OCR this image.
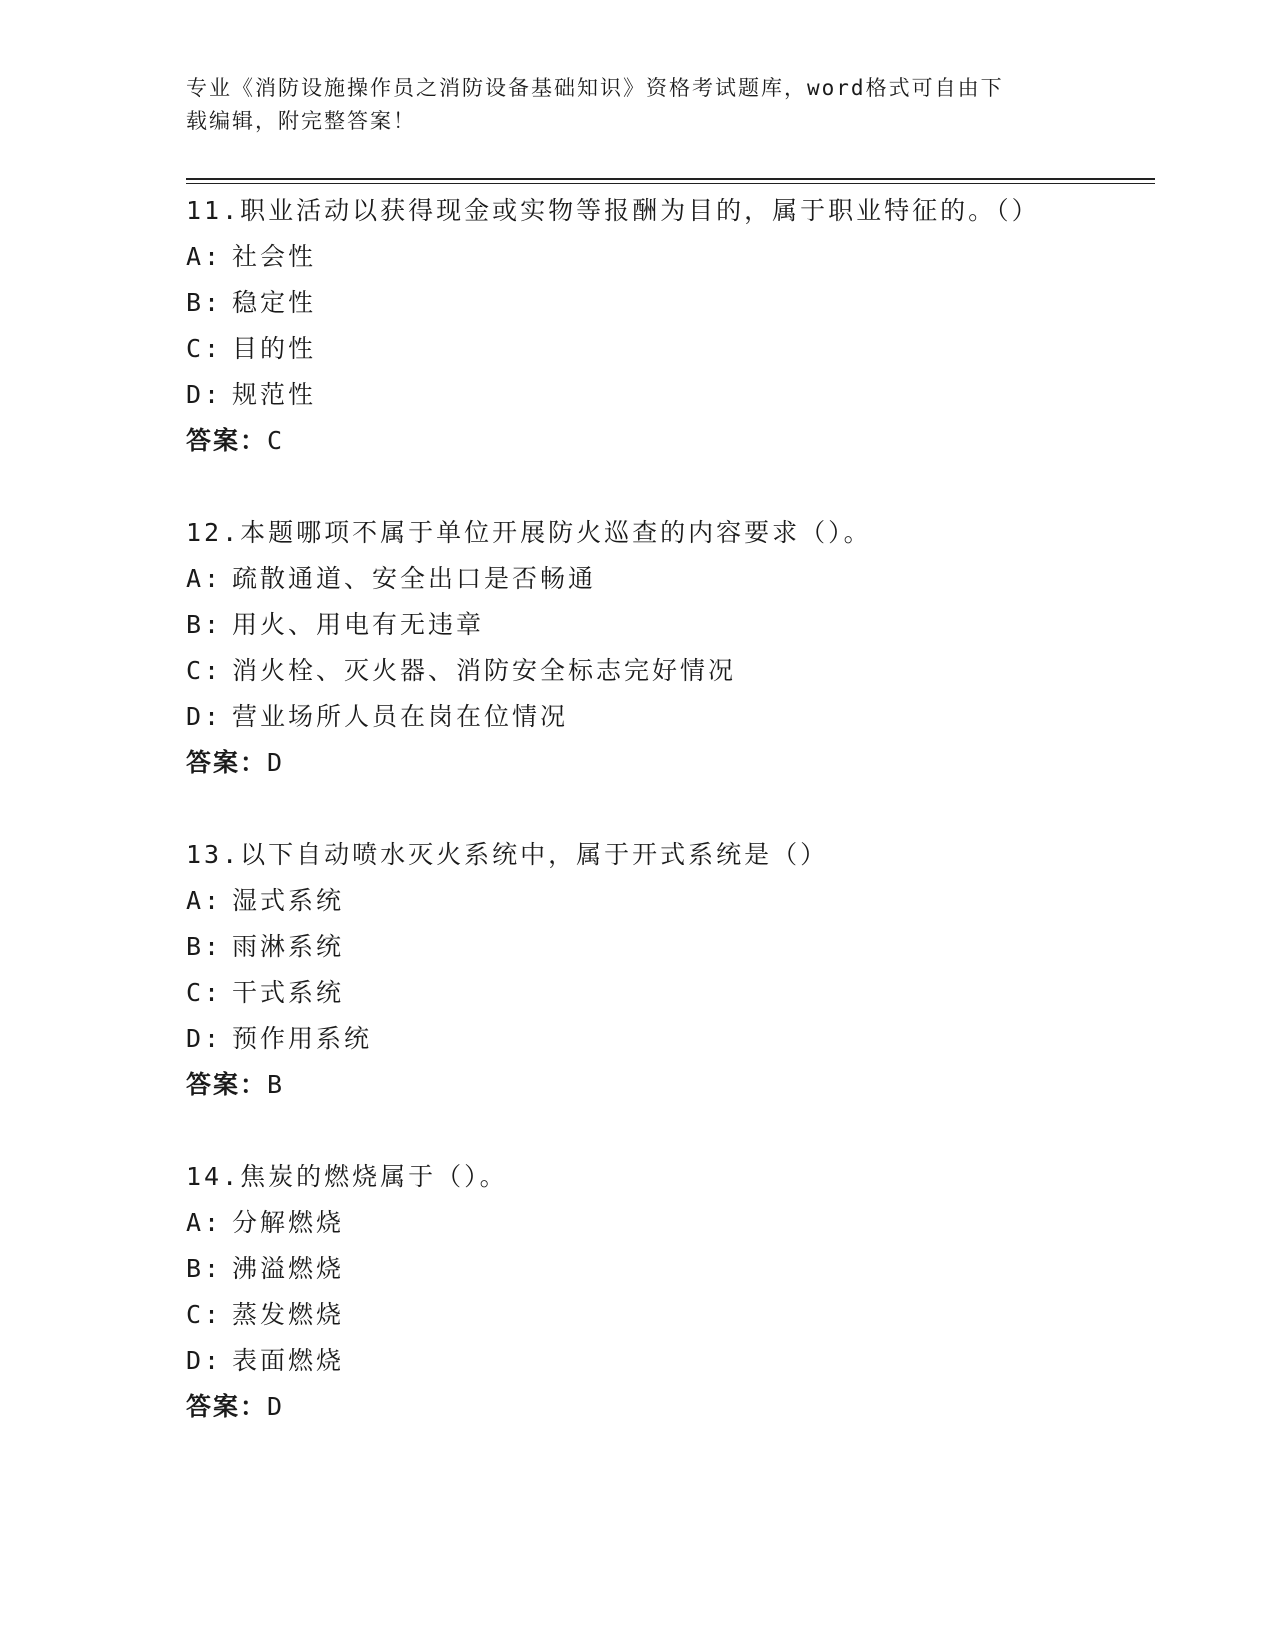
专业《消防设施操作员之消防设备基础知识》资格考试题库，word格式可自由下

载编辑，附完整答案！

11.职业活动以获得现金或实物等报酬为目的，属于职业特征的。（）
A: 社会性
B: 稳定性
C: 目的性
D: 规范性
答案：C
12.本题哪项不属于单位开展防火巡查的内容要求（）。
A: 疏散通道、安全出口是否畅通
B: 用火、用电有无违章
C: 消火栓、灭火器、消防安全标志完好情况
D: 营业场所人员在岗在位情况
答案：D
13.以下自动喷水灭火系统中，属于开式系统是（）
A: 湿式系统
B: 雨淋系统
C: 干式系统
D: 预作用系统
答案：B
14.焦炭的燃烧属于（）。
A: 分解燃烧
B: 沸溢燃烧
C: 蒸发燃烧
D: 表面燃烧
答案：D
